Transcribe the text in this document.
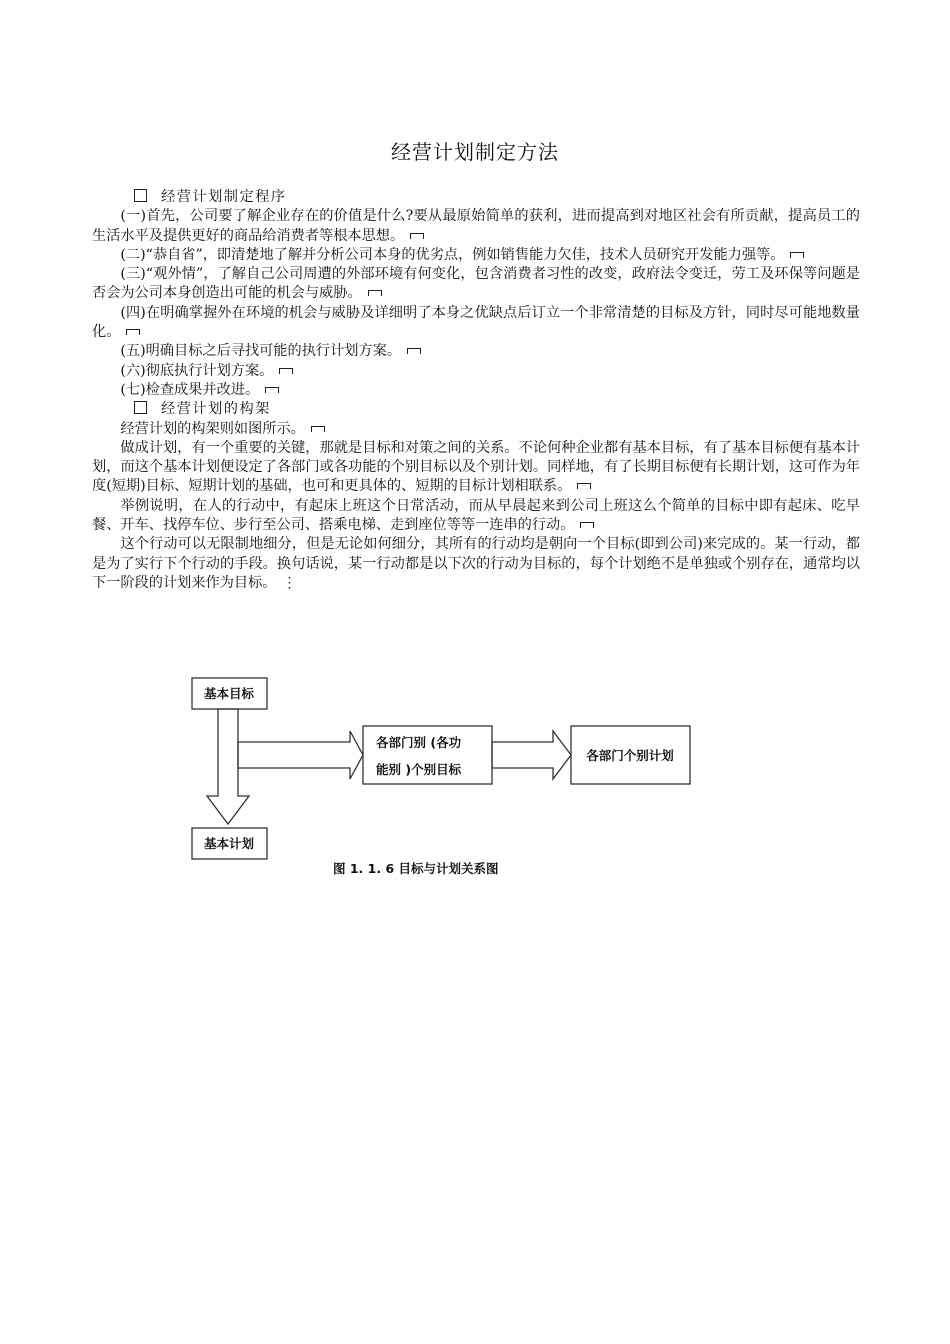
经营计划制定方法

经营计划制定程序

(一)首先，公司要了解企业存在的价值是什么?要从最原始简单的获利，进而提高到对地区社会有所贡献，提高员工的生活水平及提供更好的商品给消费者等根本思想。

(二)“恭自省”，即清楚地了解并分析公司本身的优劣点，例如销售能力欠佳，技术人员研究开发能力强等。

(三)“观外情”，了解自己公司周遭的外部环境有何变化，包含消费者习性的改变，政府法令变迁，劳工及环保等问题是否会为公司本身创造出可能的机会与威胁。

(四)在明确掌握外在环境的机会与威胁及详细明了本身之优缺点后订立一个非常清楚的目标及方针，同时尽可能地数量化。

(五)明确目标之后寻找可能的执行计划方案。

(六)彻底执行计划方案。

(七)检查成果并改进。

经营计划的构架

经营计划的构架则如图所示。

做成计划，有一个重要的关键，那就是目标和对策之间的关系。不论何种企业都有基本目标，有了基本目标便有基本计划，而这个基本计划便设定了各部门或各功能的个别目标以及个别计划。同样地，有了长期目标便有长期计划，这可作为年度(短期)目标、短期计划的基础，也可和更具体的、短期的目标计划相联系。

举例说明，在人的行动中，有起床上班这个日常活动，而从早晨起来到公司上班这么个简单的目标中即有起床、吃早餐、开车、找停车位、步行至公司、搭乘电梯、走到座位等等一连串的行动。

这个行动可以无限制地细分，但是无论如何细分，其所有的行动均是朝向一个目标(即到公司)来完成的。某一行动，都是为了实行下个行动的手段。换句话说，某一行动都是以下次的行动为目标的，每个计划绝不是单独或个别存在，通常均以下一阶段的计划来作为目标。 ⋮

基本目标
基本计划
各部门别 (各功
能别 )个别目标
各部门个别计划
图 1. 1. 6 目标与计划关系图
